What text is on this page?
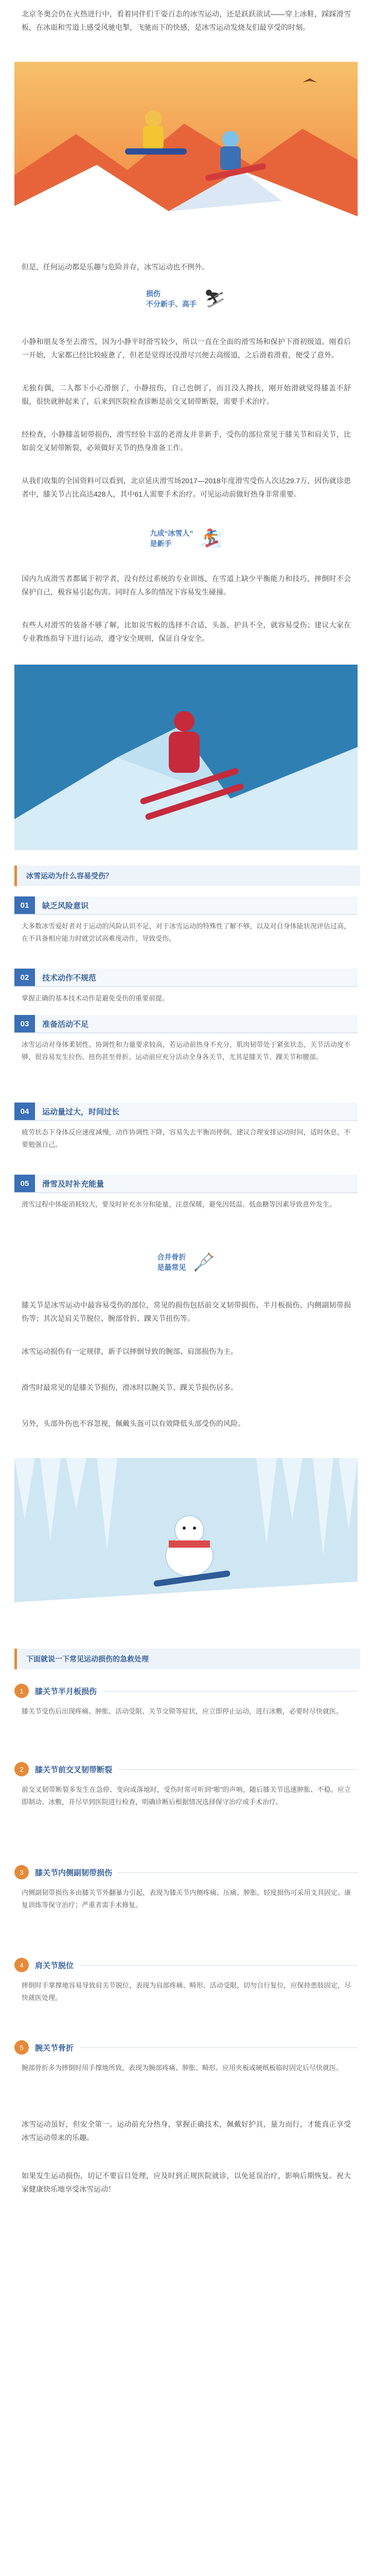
北京冬奥会仍在火热进行中，看着同伴们千姿百态的冰雪运动，还是跃跃欲试——穿上冰鞋，踩踩滑雪板，在冰面和雪道上感受风驰电掣，飞驰而下的快感，是冰雪运动发烧友们最享受的时刻。

但是，任何运动都是乐趣与危险并存，冰雪运动也不例外。

损伤
不分新手、高手 ⛷

小静和朋友冬至去滑雪，因为小静平时滑雪较少，所以一直在全面的滑雪场和保护下滑初级道。刚看后一开始，大家都已经比较疲惫了，但老是觉得还没滑尽兴便去高级道，之后滑着滑着，便受了意外。

无独有偶，二人都下小心滑倒了，小静扭伤，自己也倒了，而且没人搀扶，刚开始滑就觉得膝盖不舒服，很快就肿起来了，后来到医院检查诊断是前交叉韧带断裂，需要手术治疗。

经检查，小静膝盖韧带损伤，滑雪经验丰富的老滑友并非新手，受伤的部位常见于膝关节和肩关节，比如前交叉韧带断裂，必须做好关节的热身准备工作。

从我们收集的全国资料可以看到，北京延庆滑雪场2017—2018年度滑雪受伤人次达29.7万，因伤就诊患者中，膝关节占比高达428人，其中61人需要手术治疗。可见运动前做好热身非常重要。

九成“冰雪人”
是新手	🏂

国内九成滑雪者都属于初学者，没有经过系统的专业训练，在雪道上缺少平衡能力和技巧，摔倒时不会保护自己，极容易引起伤害。同时在人多的情况下容易发生碰撞。

有些人对滑雪的装备不够了解，比如说雪板的选择不合适，头盔、护具不全，就容易受伤；建议大家在专业教练指导下进行运动，遵守安全规则，保证自身安全。

冰雪运动为什么容易受伤？
01	缺乏风险意识

大多数冰雪爱好者对于运动的风险认识不足，对于冰雪运动的特殊性了解不够，以及对自身体能状况评估过高，在不具备相应能力时就尝试高难度动作，导致受伤。

02	技术动作不规范

掌握正确的基本技术动作是避免受伤的重要前提。

03	准备活动不足

冰雪运动对身体柔韧性、协调性和力量要求较高，若运动前热身不充分，肌肉韧带处于紧张状态，关节活动度不够，很容易发生拉伤、扭伤甚至骨折。运动前应充分活动全身各关节，尤其是膝关节、踝关节和腰部。

04	运动量过大，时间过长

疲劳状态下身体反应速度减慢，动作协调性下降，容易失去平衡而摔倒。建议合理安排运动时间，适时休息，不要勉强自己。

05	滑雪及时补充能量

滑雪过程中体能消耗较大，要及时补充水分和能量，注意保暖，避免因低温、低血糖等因素导致意外发生。

合并骨折
是最常见 🩼

膝关节是冰雪运动中最容易受伤的部位，常见的损伤包括前交叉韧带损伤、半月板损伤、内侧副韧带损伤等；其次是肩关节脱位、腕部骨折、踝关节扭伤等。

冰雪运动损伤有一定规律，新手以摔倒导致的腕部、肩部损伤为主。

滑雪时最常见的是膝关节损伤，滑冰时以腕关节、踝关节损伤居多。

另外，头部外伤也不容忽视，佩戴头盔可以有效降低头部受伤的风险。

下面就说一下常见运动损伤的急救处理
1	膝关节半月板损伤

膝关节受伤后出现疼痛、肿胀、活动受限、关节交锁等症状，应立即停止运动，进行冰敷，必要时尽快就医。

2	膝关节前交叉韧带断裂

前交叉韧带断裂多发生在急停、变向或落地时，受伤时常可听到“啪”的声响，随后膝关节迅速肿胀、不稳。应立即制动、冰敷，并尽早到医院进行检查，明确诊断后根据情况选择保守治疗或手术治疗。

3	膝关节内侧副韧带损伤

内侧副韧带损伤多由膝关节外翻暴力引起，表现为膝关节内侧疼痛、压痛、肿胀。轻度损伤可采用支具固定、康复训练等保守治疗；严重者需手术修复。

4	肩关节脱位

摔倒时手掌撑地容易导致肩关节脱位，表现为肩部疼痛、畸形、活动受限。切勿自行复位，应保持患肢固定，尽快就医处理。

5	腕关节骨折

腕部骨折多为摔倒时用手撑地所致，表现为腕部疼痛、肿胀、畸形。应用夹板或硬纸板临时固定后尽快就医。

冰雪运动虽好，但安全第一。运动前充分热身，掌握正确技术，佩戴好护具，量力而行，才能真正享受冰雪运动带来的乐趣。

如果发生运动损伤，切记不要盲目处理，应及时到正规医院就诊，以免延误治疗，影响后期恢复。祝大家健康快乐地享受冰雪运动！
